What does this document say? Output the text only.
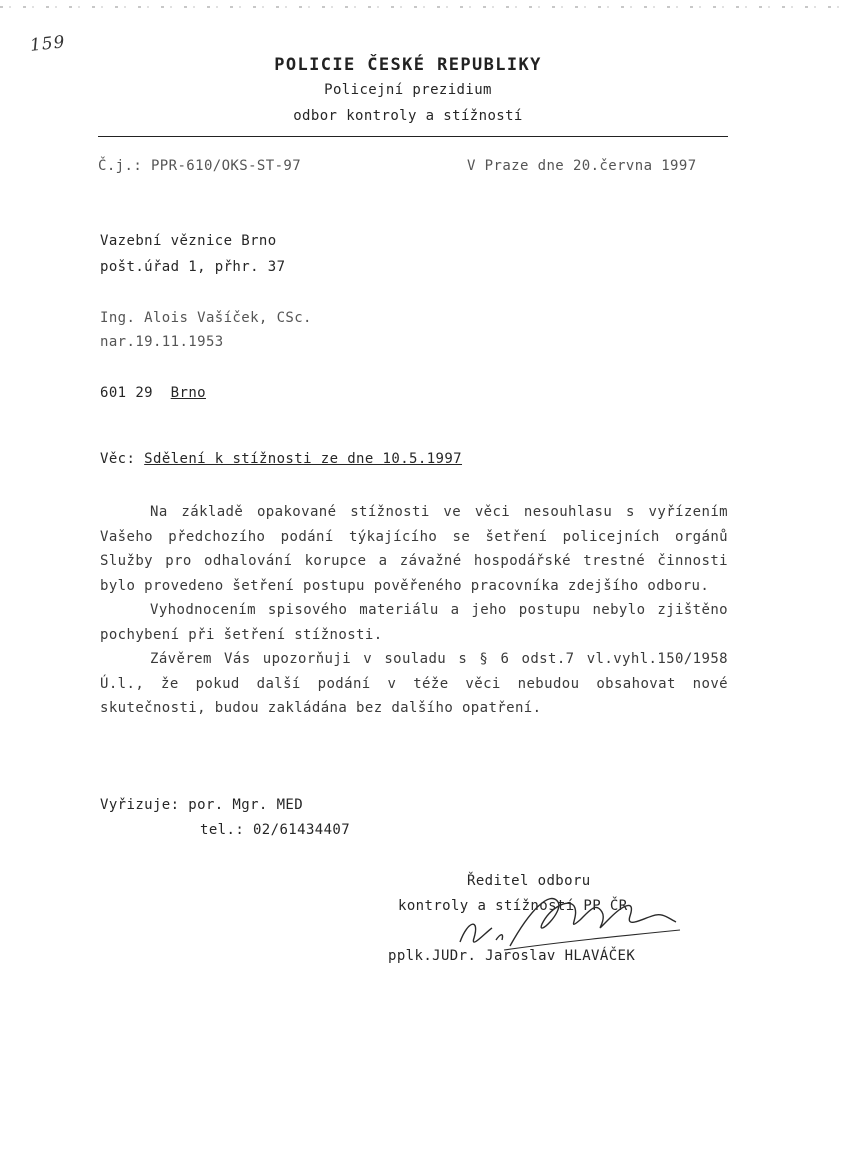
159
POLICIE ČESKÉ REPUBLIKY
Policejní prezidium
odbor kontroly a stížností
Č.j.: PPR-610/OKS-ST-97	V Praze dne 20.června 1997
Vazební věznice Brno
pošt.úřad 1, přhr. 37
Ing. Alois Vašíček, CSc.
nar.19.11.1953
601 29 Brno
Věc: Sdělení k stížnosti ze dne 10.5.1997

Na základě opakované stížnosti ve věci nesouhlasu s vyřízením Vašeho předchozího podání týkajícího se šetření policejních orgánů Služby pro odhalování korupce a závažné hospodářské trestné činnosti bylo provedeno šetření postupu pověřeného pracovníka zdejšího odboru.

Vyhodnocením spisového materiálu a jeho postupu nebylo zjištěno pochybení při šetření stížnosti.

Závěrem Vás upozorňuji v souladu s § 6 odst.7 vl.vyhl.150/1958 Ú.l., že pokud další podání v téže věci nebudou obsahovat nové skutečnosti, budou zakládána bez dalšího opatření.

Vyřizuje: por. Mgr. MED
tel.: 02/61434407
Ředitel odboru
kontroly a stížností PP ČR
pplk.JUDr. Jaroslav HLAVÁČEK
